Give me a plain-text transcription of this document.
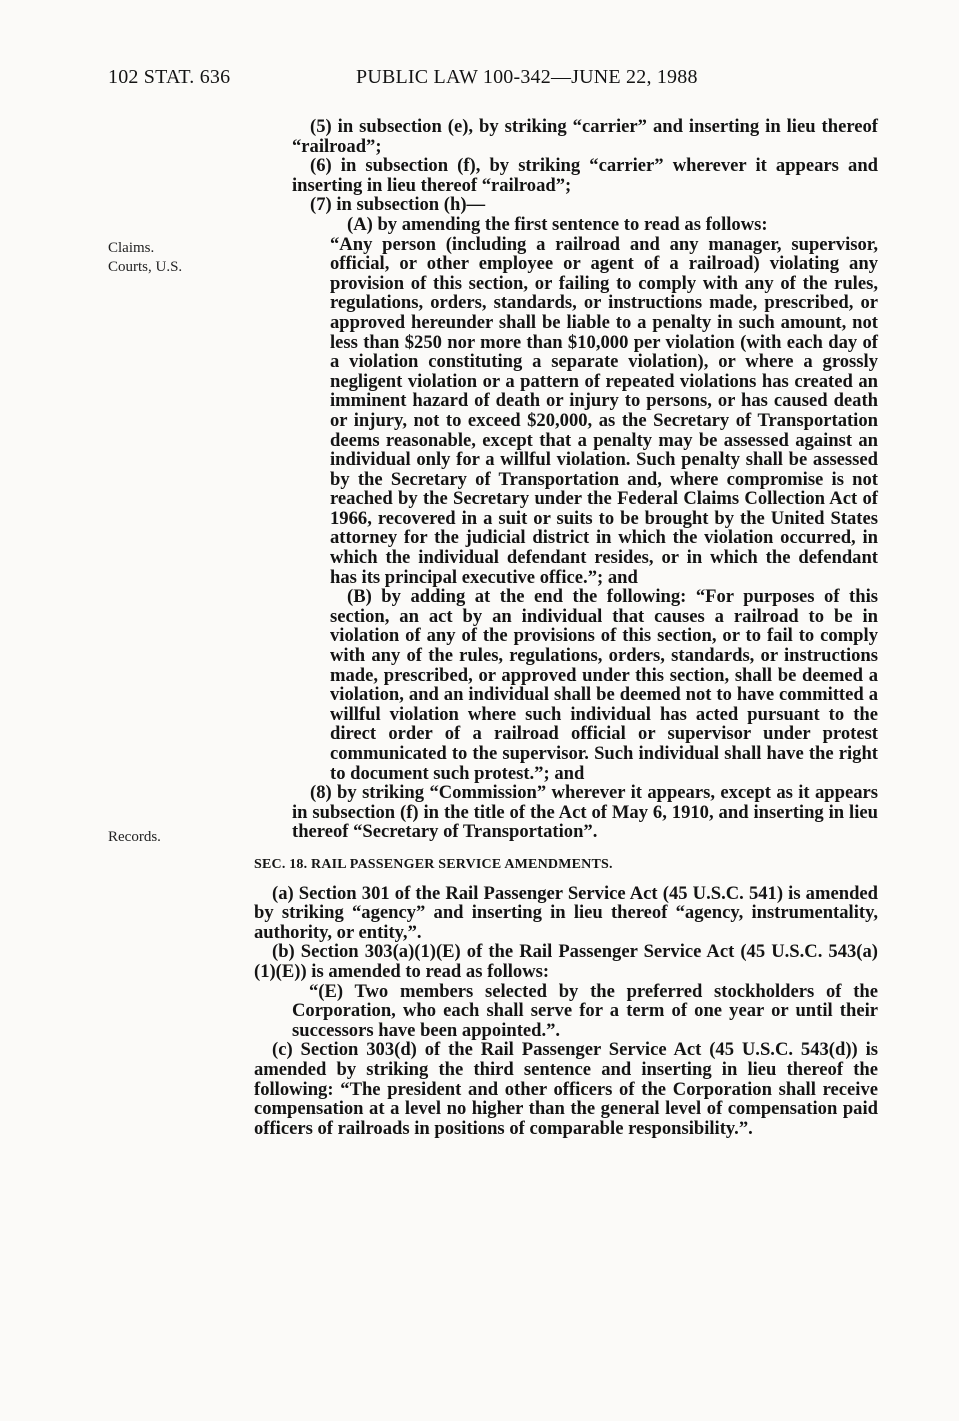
102 STAT. 636	PUBLIC LAW 100-342—JUNE 22, 1988
Claims.
Courts, U.S.
Records.

(5) in subsection (e), by striking “carrier” and inserting in lieu thereof “railroad”;

(6) in subsection (f), by striking “carrier” wherever it appears and inserting in lieu thereof “railroad”;

(7) in subsection (h)—

(A) by amending the first sentence to read as follows:

“Any person (including a railroad and any manager, supervisor, official, or other employee or agent of a railroad) violating any provision of this section, or failing to comply with any of the rules, regulations, orders, standards, or instructions made, prescribed, or approved hereunder shall be liable to a penalty in such amount, not less than $250 nor more than $10,000 per violation (with each day of a violation constituting a separate violation), or where a grossly negligent violation or a pattern of repeated violations has created an imminent hazard of death or injury to persons, or has caused death or injury, not to exceed $20,000, as the Secretary of Transportation deems reasonable, except that a penalty may be assessed against an individual only for a willful violation. Such penalty shall be assessed by the Secretary of Transportation and, where compromise is not reached by the Secretary under the Federal Claims Collection Act of 1966, recovered in a suit or suits to be brought by the United States attorney for the judicial district in which the violation occurred, in which the individual defendant resides, or in which the defendant has its principal executive office.”; and

(B) by adding at the end the following: “For purposes of this section, an act by an individual that causes a railroad to be in violation of any of the provisions of this section, or to fail to comply with any of the rules, regulations, orders, standards, or instructions made, prescribed, or approved under this section, shall be deemed a violation, and an individual shall be deemed not to have committed a willful violation where such individual has acted pursuant to the direct order of a railroad official or supervisor under protest communicated to the supervisor. Such individual shall have the right to document such protest.”; and

(8) by striking “Commission” wherever it appears, except as it appears in subsection (f) in the title of the Act of May 6, 1910, and inserting in lieu thereof “Secretary of Transportation”.

SEC. 18. RAIL PASSENGER SERVICE AMENDMENTS.

(a) Section 301 of the Rail Passenger Service Act (45 U.S.C. 541) is amended by striking “agency” and inserting in lieu thereof “agency, instrumentality, authority, or entity,”.

(b) Section 303(a)(1)(E) of the Rail Passenger Service Act (45 U.S.C. 543(a)(1)(E)) is amended to read as follows:

“(E) Two members selected by the preferred stockholders of the Corporation, who each shall serve for a term of one year or until their successors have been appointed.”.

(c) Section 303(d) of the Rail Passenger Service Act (45 U.S.C. 543(d)) is amended by striking the third sentence and inserting in lieu thereof the following: “The president and other officers of the Corporation shall receive compensation at a level no higher than the general level of compensation paid officers of railroads in positions of comparable responsibility.”.
